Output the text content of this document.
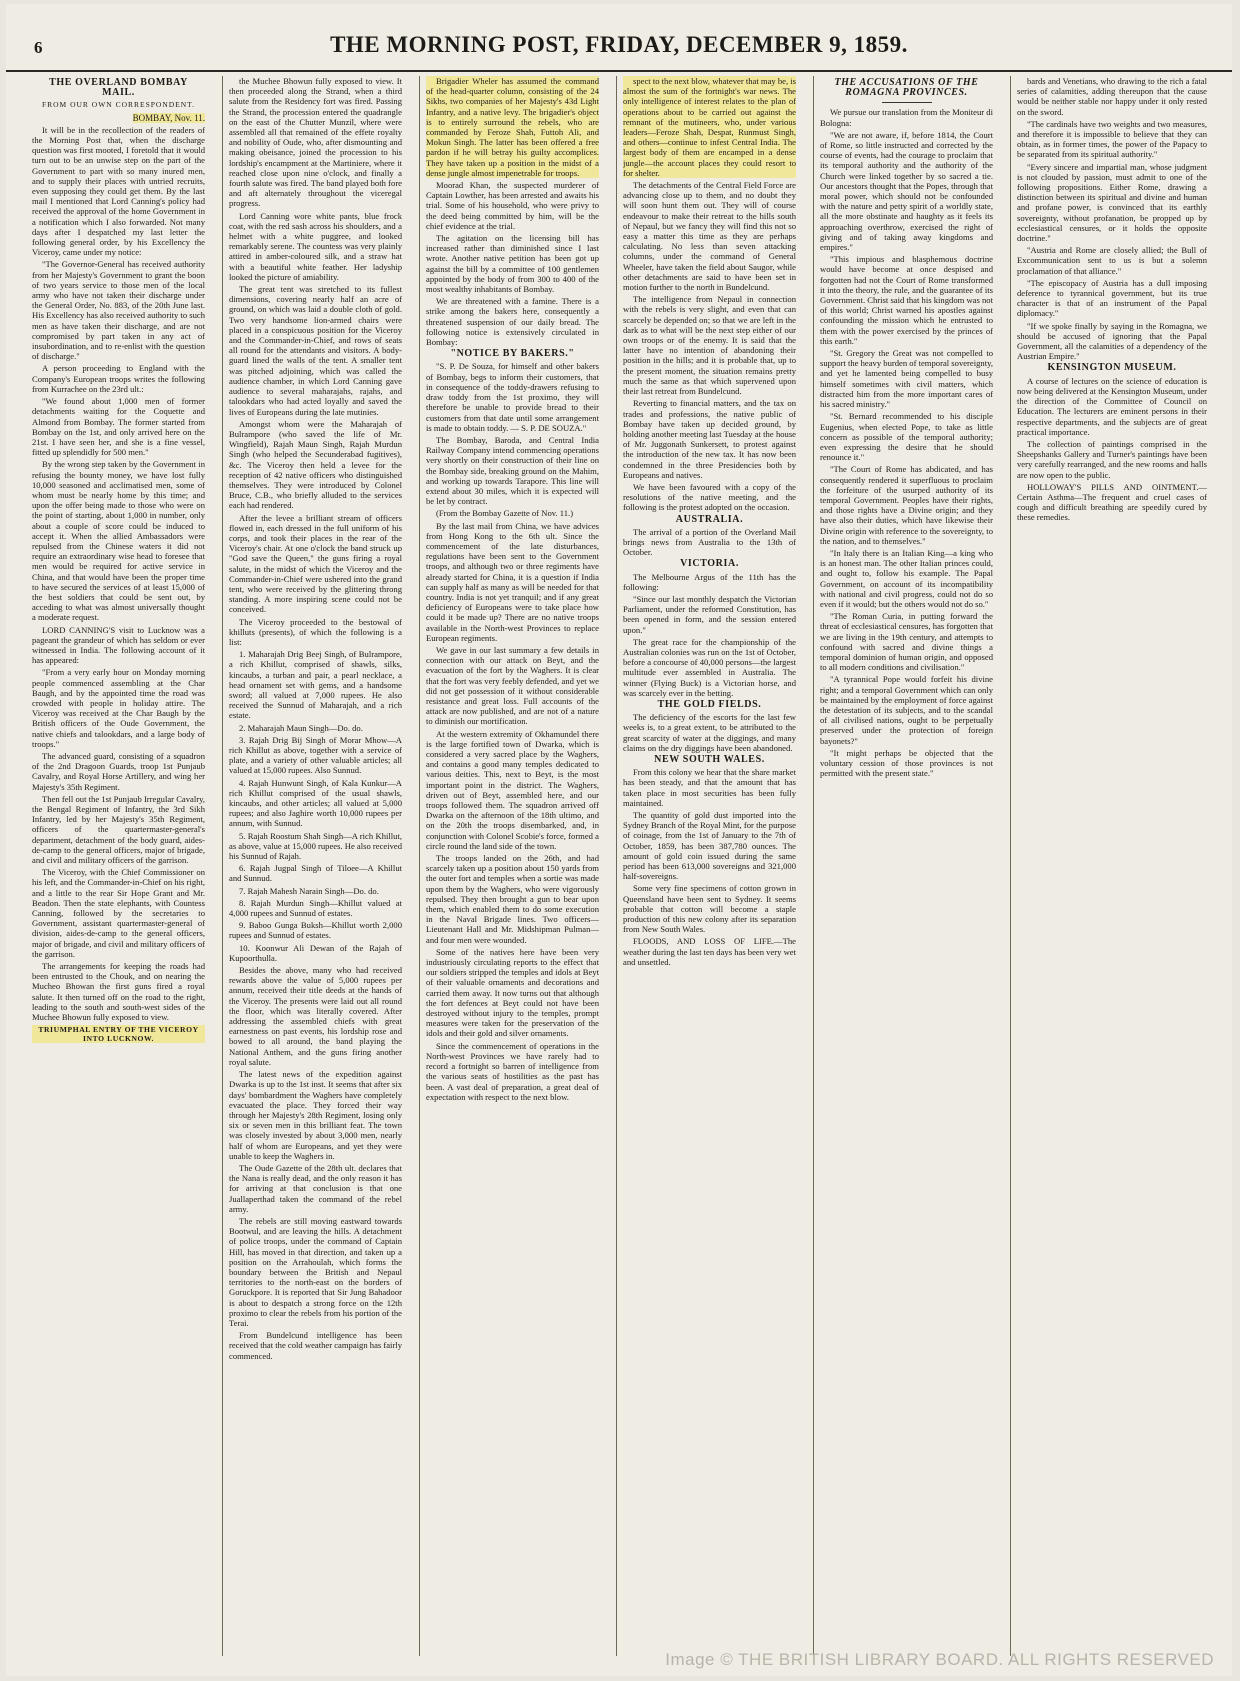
6	THE MORNING POST, FRIDAY, DECEMBER 9, 1859.
THE OVERLAND BOMBAY MAIL.
FROM OUR OWN CORRESPONDENT.
BOMBAY, Nov. 11.

It will be in the recollection of the readers of the Morning Post that, when the discharge question was first mooted, I foretold that it would turn out to be an unwise step on the part of the Government to part with so many inured men, and to supply their places with untried recruits, even supposing they could get them. By the last mail I mentioned that Lord Canning's policy had received the approval of the home Government in a notification which I also forwarded. Not many days after I despatched my last letter the following general order, by his Excellency the Viceroy, came under my notice:

"The Governor-General has received authority from her Majesty's Government to grant the boon of two years service to those men of the local army who have not taken their discharge under the General Order, No. 883, of the 20th June last. His Excellency has also received authority to such men as have taken their discharge, and are not compromised by part taken in any act of insubordination, and to re-enlist with the question of discharge."

A person proceeding to England with the Company's European troops writes the following from Kurrachee on the 23rd ult.:

"We found about 1,000 men of former detachments waiting for the Coquette and Almond from Bombay. The former started from Bombay on the 1st, and only arrived here on the 21st. I have seen her, and she is a fine vessel, fitted up splendidly for 500 men."

By the wrong step taken by the Government in refusing the bounty money, we have lost fully 10,000 seasoned and acclimatised men, some of whom must be nearly home by this time; and upon the offer being made to those who were on the point of starting, about 1,000 in number, only about a couple of score could be induced to accept it. When the allied Ambassadors were repulsed from the Chinese waters it did not require an extraordinary wise head to foresee that men would be required for active service in China, and that would have been the proper time to have secured the services of at least 15,000 of the best soldiers that could be sent out, by acceding to what was almost universally thought a moderate request.

LORD CANNING'S visit to Lucknow was a pageant the grandeur of which has seldom or ever witnessed in India. The following account of it has appeared:

"From a very early hour on Monday morning people commenced assembling at the Char Baugh, and by the appointed time the road was crowded with people in holiday attire. The Viceroy was received at the Char Baugh by the British officers of the Oude Government, the native chiefs and talookdars, and a large body of troops."

The advanced guard, consisting of a squadron of the 2nd Dragoon Guards, troop 1st Punjaub Cavalry, and Royal Horse Artillery, and wing her Majesty's 35th Regiment.

Then fell out the 1st Punjaub Irregular Cavalry, the Bengal Regiment of Infantry, the 3rd Sikh Infantry, led by her Majesty's 35th Regiment, officers of the quartermaster-general's department, detachment of the body guard, aides-de-camp to the general officers, major of brigade, and civil and military officers of the garrison.

The Viceroy, with the Chief Commissioner on his left, and the Commander-in-Chief on his right, and a little to the rear Sir Hope Grant and Mr. Beadon. Then the state elephants, with Countess Canning, followed by the secretaries to Government, assistant quartermaster-general of division, aides-de-camp to the general officers, major of brigade, and civil and military officers of the garrison.

The arrangements for keeping the roads had been entrusted to the Chouk, and on nearing the Mucheo Bhowan the first guns fired a royal salute. It then turned off on the road to the right, leading to the south and south-west sides of the Muchee Bhowun fully exposed to view.

TRIUMPHAL ENTRY OF THE VICEROY INTO LUCKNOW.

the Muchee Bhowun fully exposed to view. It then proceeded along the Strand, when a third salute from the Residency fort was fired. Passing the Strand, the procession entered the quadrangle on the east of the Chutter Munzil, where were assembled all that remained of the effete royalty and nobility of Oude, who, after dismounting and making obeisance, joined the procession to his lordship's encampment at the Martiniere, where it reached close upon nine o'clock, and finally a fourth salute was fired. The band played both fore and aft alternately throughout the viceregal progress.

Lord Canning wore white pants, blue frock coat, with the red sash across his shoulders, and a helmet with a white puggree, and looked remarkably serene. The countess was very plainly attired in amber-coloured silk, and a straw hat with a beautiful white feather. Her ladyship looked the picture of amiability.

The great tent was stretched to its fullest dimensions, covering nearly half an acre of ground, on which was laid a double cloth of gold. Two very handsome lion-armed chairs were placed in a conspicuous position for the Viceroy and the Commander-in-Chief, and rows of seats all round for the attendants and visitors. A body-guard lined the walls of the tent. A smaller tent was pitched adjoining, which was called the audience chamber, in which Lord Canning gave audience to several maharajahs, rajahs, and talookdars who had acted loyally and saved the lives of Europeans during the late mutinies.

Amongst whom were the Maharajah of Bulrampore (who saved the life of Mr. Wingfield), Rajah Maun Singh, Rajah Murdun Singh (who helped the Secunderabad fugitives), &c. The Viceroy then held a levee for the reception of 42 native officers who distinguished themselves. They were introduced by Colonel Bruce, C.B., who briefly alluded to the services each had rendered.

After the levee a brilliant stream of officers flowed in, each dressed in the full uniform of his corps, and took their places in the rear of the Viceroy's chair. At one o'clock the band struck up "God save the Queen," the guns firing a royal salute, in the midst of which the Viceroy and the Commander-in-Chief were ushered into the grand tent, who were received by the glittering throng standing. A more inspiring scene could not be conceived.

The Viceroy proceeded to the bestowal of khilluts (presents), of which the following is a list:

1. Maharajah Drig Beej Singh, of Bulrampore, a rich Khillut, comprised of shawls, silks, kincaubs, a turban and pair, a pearl necklace, a head ornament set with gems, and a handsome sword; all valued at 7,000 rupees. He also received the Sunnud of Maharajah, and a rich estate.

2. Maharajah Maun Singh—Do. do.

3. Rajah Drig Bij Singh of Morar Mhow—A rich Khillut as above, together with a service of plate, and a variety of other valuable articles; all valued at 15,000 rupees. Also Sunnud.

4. Rajah Hunwunt Singh, of Kala Kunkur—A rich Khillut comprised of the usual shawls, kincaubs, and other articles; all valued at 5,000 rupees; and also Jaghire worth 10,000 rupees per annum, with Sunnud.

5. Rajah Roostum Shah Singh—A rich Khillut, as above, value at 15,000 rupees. He also received his Sunnud of Rajah.

6. Rajah Jugpal Singh of Tiloee—A Khillut and Sunnud.

7. Rajah Mahesh Narain Singh—Do. do.

8. Rajah Murdun Singh—Khillut valued at 4,000 rupees and Sunnud of estates.

9. Baboo Gunga Buksh—Khillut worth 2,000 rupees and Sunnud of estates.

10. Koonwur Ali Dewan of the Rajah of Kupoorthulla.

Besides the above, many who had received rewards above the value of 5,000 rupees per annum, received their title deeds at the hands of the Viceroy. The presents were laid out all round the floor, which was literally covered. After addressing the assembled chiefs with great earnestness on past events, his lordship rose and bowed to all around, the band playing the National Anthem, and the guns firing another royal salute.

The latest news of the expedition against Dwarka is up to the 1st inst. It seems that after six days' bombardment the Waghers have completely evacuated the place. They forced their way through her Majesty's 28th Regiment, losing only six or seven men in this brilliant feat. The town was closely invested by about 3,000 men, nearly half of whom are Europeans, and yet they were unable to keep the Waghers in.

The Oude Gazette of the 28th ult. declares that the Nana is really dead, and the only reason it has for arriving at that conclusion is that one Juallaperthad taken the command of the rebel army.

The rebels are still moving eastward towards Bootwul, and are leaving the hills. A detachment of police troops, under the command of Captain Hill, has moved in that direction, and taken up a position on the Arrahoulah, which forms the boundary between the British and Nepaul territories to the north-east on the borders of Goruckpore. It is reported that Sir Jung Bahadoor is about to despatch a strong force on the 12th proximo to clear the rebels from his portion of the Terai.

From Bundelcund intelligence has been received that the cold weather campaign has fairly commenced.

Brigadier Wheler has assumed the command of the head-quarter column, consisting of the 24 Sikhs, two companies of her Majesty's 43d Light Infantry, and a native levy. The brigadier's object is to entirely surround the rebels, who are commanded by Feroze Shah, Futtoh Ali, and Mokun Singh. The latter has been offered a free pardon if he will betray his guilty accomplices. They have taken up a position in the midst of a dense jungle almost impenetrable for troops.

Moorad Khan, the suspected murderer of Captain Lowther, has been arrested and awaits his trial. Some of his household, who were privy to the deed being committed by him, will be the chief evidence at the trial.

The agitation on the licensing bill has increased rather than diminished since I last wrote. Another native petition has been got up against the bill by a committee of 100 gentlemen appointed by the body of from 300 to 400 of the most wealthy inhabitants of Bombay.

We are threatened with a famine. There is a strike among the bakers here, consequently a threatened suspension of our daily bread. The following notice is extensively circulated in Bombay:

"NOTICE BY BAKERS."

"S. P. De Souza, for himself and other bakers of Bombay, begs to inform their customers, that in consequence of the toddy-drawers refusing to draw toddy from the 1st proximo, they will therefore be unable to provide bread to their customers from that date until some arrangement is made to obtain toddy. — S. P. DE SOUZA."

The Bombay, Baroda, and Central India Railway Company intend commencing operations very shortly on their construction of their line on the Bombay side, breaking ground on the Mahim, and working up towards Tarapore. This line will extend about 30 miles, which it is expected will be let by contract.

(From the Bombay Gazette of Nov. 11.)

By the last mail from China, we have advices from Hong Kong to the 6th ult. Since the commencement of the late disturbances, regulations have been sent to the Government troops, and although two or three regiments have already started for China, it is a question if India can supply half as many as will be needed for that country. India is not yet tranquil; and if any great deficiency of Europeans were to take place how could it be made up? There are no native troops available in the North-west Provinces to replace European regiments.

We gave in our last summary a few details in connection with our attack on Beyt, and the evacuation of the fort by the Waghers. It is clear that the fort was very feebly defended, and yet we did not get possession of it without considerable resistance and great loss. Full accounts of the attack are now published, and are not of a nature to diminish our mortification.

At the western extremity of Okhamundel there is the large fortified town of Dwarka, which is considered a very sacred place by the Waghers, and contains a good many temples dedicated to various deities. This, next to Beyt, is the most important point in the district. The Waghers, driven out of Beyt, assembled here, and our troops followed them. The squadron arrived off Dwarka on the afternoon of the 18th ultimo, and on the 20th the troops disembarked, and, in conjunction with Colonel Scobie's force, formed a circle round the land side of the town.

The troops landed on the 26th, and had scarcely taken up a position about 150 yards from the outer fort and temples when a sortie was made upon them by the Waghers, who were vigorously repulsed. They then brought a gun to bear upon them, which enabled them to do some execution in the Naval Brigade lines. Two officers—Lieutenant Hall and Mr. Midshipman Pulman—and four men were wounded.

Some of the natives here have been very industriously circulating reports to the effect that our soldiers stripped the temples and idols at Beyt of their valuable ornaments and decorations and carried them away. It now turns out that although the fort defences at Beyt could not have been destroyed without injury to the temples, prompt measures were taken for the preservation of the idols and their gold and silver ornaments.

Since the commencement of operations in the North-west Provinces we have rarely had to record a fortnight so barren of intelligence from the various seats of hostilities as the past has been. A vast deal of preparation, a great deal of expectation with respect to the next blow.

spect to the next blow, whatever that may be, is almost the sum of the fortnight's war news. The only intelligence of interest relates to the plan of operations about to be carried out against the remnant of the mutineers, who, under various leaders—Feroze Shah, Despat, Runmust Singh, and others—continue to infest Central India. The largest body of them are encamped in a dense jungle—the account places they could resort to for shelter.

The detachments of the Central Field Force are advancing close up to them, and no doubt they will soon hunt them out. They will of course endeavour to make their retreat to the hills south of Nepaul, but we fancy they will find this not so easy a matter this time as they are perhaps calculating. No less than seven attacking columns, under the command of General Wheeler, have taken the field about Saugor, while other detachments are said to have been set in motion further to the north in Bundelcund.

The intelligence from Nepaul in connection with the rebels is very slight, and even that can scarcely be depended on; so that we are left in the dark as to what will be the next step either of our own troops or of the enemy. It is said that the latter have no intention of abandoning their position in the hills; and it is probable that, up to the present moment, the situation remains pretty much the same as that which supervened upon their last retreat from Bundelcund.

Reverting to financial matters, and the tax on trades and professions, the native public of Bombay have taken up decided ground, by holding another meeting last Tuesday at the house of Mr. Juggonath Sunkersett, to protest against the introduction of the new tax. It has now been condemned in the three Presidencies both by Europeans and natives.

We have been favoured with a copy of the resolutions of the native meeting, and the following is the protest adopted on the occasion.

AUSTRALIA.

The arrival of a portion of the Overland Mail brings news from Australia to the 13th of October.

VICTORIA.

The Melbourne Argus of the 11th has the following:

"Since our last monthly despatch the Victorian Parliament, under the reformed Constitution, has been opened in form, and the session entered upon."

The great race for the championship of the Australian colonies was run on the 1st of October, before a concourse of 40,000 persons—the largest multitude ever assembled in Australia. The winner (Flying Buck) is a Victorian horse, and was scarcely ever in the betting.

THE GOLD FIELDS.

The deficiency of the escorts for the last few weeks is, to a great extent, to be attributed to the great scarcity of water at the diggings, and many claims on the dry diggings have been abandoned.

NEW SOUTH WALES.

From this colony we hear that the share market has been steady, and that the amount that has taken place in most securities has been fully maintained.

The quantity of gold dust imported into the Sydney Branch of the Royal Mint, for the purpose of coinage, from the 1st of January to the 7th of October, 1859, has been 387,780 ounces. The amount of gold coin issued during the same period has been 613,000 sovereigns and 321,000 half-sovereigns.

Some very fine specimens of cotton grown in Queensland have been sent to Sydney. It seems probable that cotton will become a staple production of this new colony after its separation from New South Wales.

FLOODS, AND LOSS OF LIFE.—The weather during the last ten days has been very wet and unsettled.

THE ACCUSATIONS OF THE ROMAGNA PROVINCES.

We pursue our translation from the Moniteur di Bologna:

"We are not aware, if, before 1814, the Court of Rome, so little instructed and corrected by the course of events, had the courage to proclaim that its temporal authority and the authority of the Church were linked together by so sacred a tie. Our ancestors thought that the Popes, through that moral power, which should not be confounded with the nature and petty spirit of a worldly state, all the more obstinate and haughty as it feels its approaching overthrow, exercised the right of giving and of taking away kingdoms and empires."

"This impious and blasphemous doctrine would have become at once despised and forgotten had not the Court of Rome transformed it into the theory, the rule, and the guarantee of its Government. Christ said that his kingdom was not of this world; Christ warned his apostles against confounding the mission which he entrusted to them with the power exercised by the princes of this earth."

"St. Gregory the Great was not compelled to support the heavy burden of temporal sovereignty, and yet he lamented being compelled to busy himself sometimes with civil matters, which distracted him from the more important cares of his sacred ministry."

"St. Bernard recommended to his disciple Eugenius, when elected Pope, to take as little concern as possible of the temporal authority; even expressing the desire that he should renounce it."

"The Court of Rome has abdicated, and has consequently rendered it superfluous to proclaim the forfeiture of the usurped authority of its temporal Government. Peoples have their rights, and those rights have a Divine origin; and they have also their duties, which have likewise their Divine origin with reference to the sovereignty, to the nation, and to themselves."

"In Italy there is an Italian King—a king who is an honest man. The other Italian princes could, and ought to, follow his example. The Papal Government, on account of its incompatibility with national and civil progress, could not do so even if it would; but the others would not do so."

"The Roman Curia, in putting forward the threat of ecclesiastical censures, has forgotten that we are living in the 19th century, and attempts to confound with sacred and divine things a temporal dominion of human origin, and opposed to all modern conditions and civilisation."

"A tyrannical Pope would forfeit his divine right; and a temporal Government which can only be maintained by the employment of force against the detestation of its subjects, and to the scandal of all civilised nations, ought to be perpetually preserved under the protection of foreign bayonets?"

"It might perhaps be objected that the voluntary cession of those provinces is not permitted with the present state."

bards and Venetians, who drawing to the rich a fatal series of calamities, adding thereupon that the cause would be neither stable nor happy under it only rested on the sword.

"The cardinals have two weights and two measures, and therefore it is impossible to believe that they can obtain, as in former times, the power of the Papacy to be separated from its spiritual authority."

"Every sincere and impartial man, whose judgment is not clouded by passion, must admit to one of the following propositions. Either Rome, drawing a distinction between its spiritual and divine and human and profane power, is convinced that its earthly sovereignty, without profanation, be propped up by ecclesiastical censures, or it holds the opposite doctrine."

"Austria and Rome are closely allied; the Bull of Excommunication sent to us is but a solemn proclamation of that alliance."

"The episcopacy of Austria has a dull imposing deference to tyrannical government, but its true character is that of an instrument of the Papal diplomacy."

"If we spoke finally by saying in the Romagna, we should be accused of ignoring that the Papal Government, all the calamities of a dependency of the Austrian Empire."

KENSINGTON MUSEUM.

A course of lectures on the science of education is now being delivered at the Kensington Museum, under the direction of the Committee of Council on Education. The lecturers are eminent persons in their respective departments, and the subjects are of great practical importance.

The collection of paintings comprised in the Sheepshanks Gallery and Turner's paintings have been very carefully rearranged, and the new rooms and halls are now open to the public.

HOLLOWAY'S PILLS AND OINTMENT.—Certain Asthma—The frequent and cruel cases of cough and difficult breathing are speedily cured by these remedies.

Image © THE BRITISH LIBRARY BOARD. ALL RIGHTS RESERVED
